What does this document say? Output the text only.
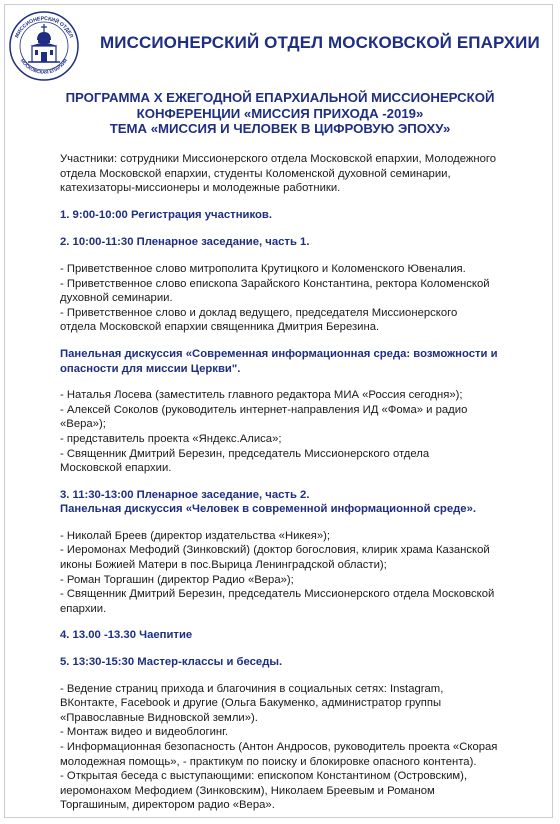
МИССИОНЕРСКИЙ ОТДЕЛ
МОСКОВСКАЯ ЕПАРХИЯ
МИССИОНЕРСКИЙ ОТДЕЛ МОСКОВСКОЙ ЕПАРХИИ
ПРОГРАММА X ЕЖЕГОДНОЙ ЕПАРХИАЛЬНОЙ МИССИОНЕРСКОЙ
КОНФЕРЕНЦИИ «МИССИЯ ПРИХОДА -2019»
ТЕМА «МИССИЯ И ЧЕЛОВЕК В ЦИФРОВУЮ ЭПОХУ»
Участники: сотрудники Миссионерского отдела Московской епархии, Молодежного
отдела Московской епархии, студенты Коломенской духовной семинарии,
катехизаторы-миссионеры и молодежные работники.
1. 9:00-10:00 Регистрация участников.
2. 10:00-11:30 Пленарное заседание, часть 1.
- Приветственное слово митрополита Крутицкого и Коломенского Ювеналия.
- Приветственное слово епископа Зарайского Константина, ректора Коломенской
духовной семинарии.
- Приветственное слово и доклад ведущего, председателя Миссионерского
отдела Московской епархии священника Дмитрия Березина.
Панельная дискуссия «Современная информационная среда: возможности и
опасности для миссии Церкви".
- Наталья Лосева (заместитель главного редактора МИА «Россия сегодня»);
- Алексей Соколов (руководитель интернет-направления ИД «Фома» и радио
«Вера»);
- представитель проекта «Яндекс.Алиса»;
- Священник Дмитрий Березин, председатель Миссионерского отдела
Московской епархии.
3. 11:30-13:00 Пленарное заседание, часть 2.
Панельная дискуссия «Человек в современной информационной среде».
- Николай Бреев (директор издательства «Никея»);
- Иеромонах Мефодий (Зинковский) (доктор богословия, клирик храма Казанской
иконы Божией Матери в пос.Вырица Ленинградской области);
- Роман Торгашин (директор Радио «Вера»);
- Священник Дмитрий Березин, председатель Миссионерского отдела Московской
епархии.
4. 13.00 -13.30 Чаепитие
5. 13:30-15:30 Мастер-классы и беседы.
- Ведение страниц прихода и благочиния в социальных сетях: Instagram,
ВКонтакте, Facebook и другие (Ольга Бакуменко, администратор группы
«Православные Видновской земли»).
- Монтаж видео и видеоблогинг.
- Информационная безопасность (Антон Андросов, руководитель проекта «Скорая
молодежная помощь», - практикум по поиску и блокировке опасного контента).
- Открытая беседа с выступающими: епископом Константином (Островским),
иеромонахом Мефодием (Зинковским), Николаем Бреевым и Романом
Торгашиным, директором радио «Вера».
